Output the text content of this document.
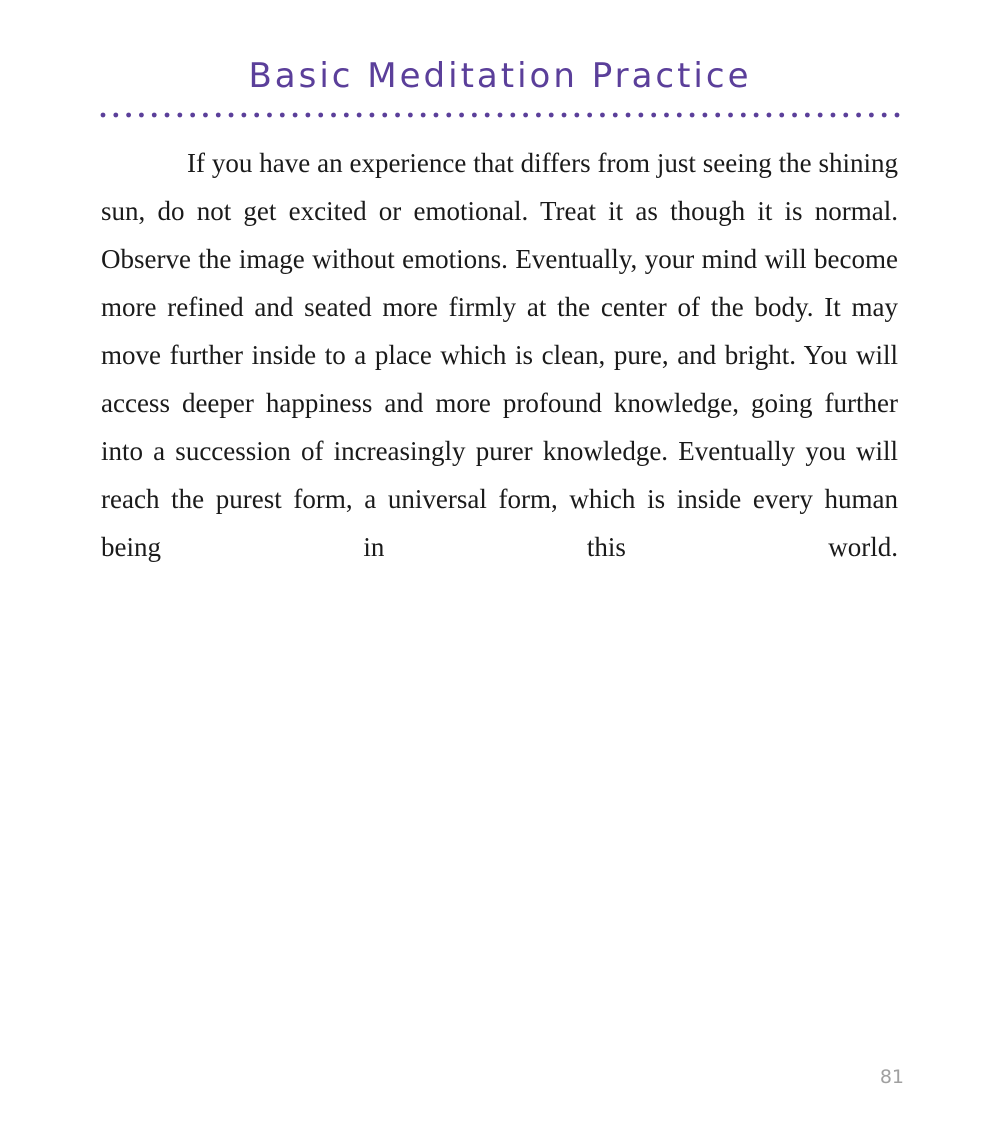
Basic Meditation Practice

If you have an experience that differs from just seeing the shining sun, do not get excited or emotional. Treat it as though it is normal. Observe the image without emotions. Eventually, your mind will become more refined and seated more firmly at the center of the body. It may move further inside to a place which is clean, pure, and bright. You will access deeper happiness and more profound knowledge, going further into a succession of increasingly purer knowledge. Eventually you will reach the purest form, a universal form, which is inside every human being in this world.

81
